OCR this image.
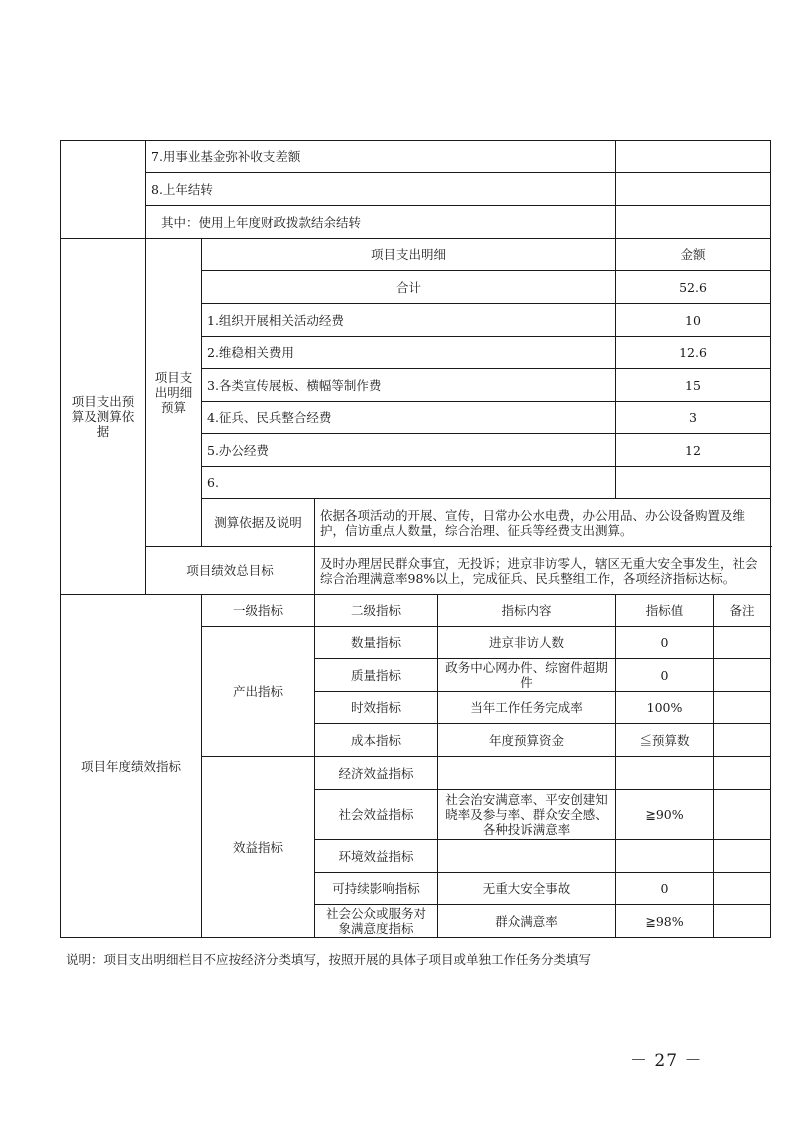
	7.用事业基金弥补收支差额					
	8.上年结转					
	其中：使用上年度财政拨款结余结转					
项目支出预算及测算依据	项目支出明细预算	项目支出明细			金额	
		合计			52.6	
		1.组织开展相关活动经费			10	
		2.维稳相关费用			12.6	
		3.各类宣传展板、横幅等制作费			15	
		4.征兵、民兵整合经费			3	
		5.办公经费			12	
		6.				
		测算依据及说明	依据各项活动的开展、宣传，日常办公水电费，办公用品、办公设备购置及维护，信访重点人数量，综合治理、征兵等经费支出测算。			
	项目绩效总目标		及时办理居民群众事宜，无投诉；进京非访零人，辖区无重大安全事发生，社会综合治理满意率98%以上，完成征兵、民兵整组工作，各项经济指标达标。			
项目年度绩效指标		一级指标	二级指标	指标内容	指标值	备注
		产出指标	数量指标	进京非访人数	0	
			质量指标	政务中心网办件、综窗件超期件	0	
			时效指标	当年工作任务完成率	100%	
			成本指标	年度预算资金	≦预算数	
		效益指标	经济效益指标			
			社会效益指标	社会治安满意率、平安创建知晓率及参与率、群众安全感、各种投诉满意率	≧90%	
			环境效益指标			
			可持续影响指标	无重大安全事故	0	
			社会公众或服务对象满意度指标	群众满意率	≧98%	
说明：项目支出明细栏目不应按经济分类填写，按照开展的具体子项目或单独工作任务分类填写
－ 27 －
